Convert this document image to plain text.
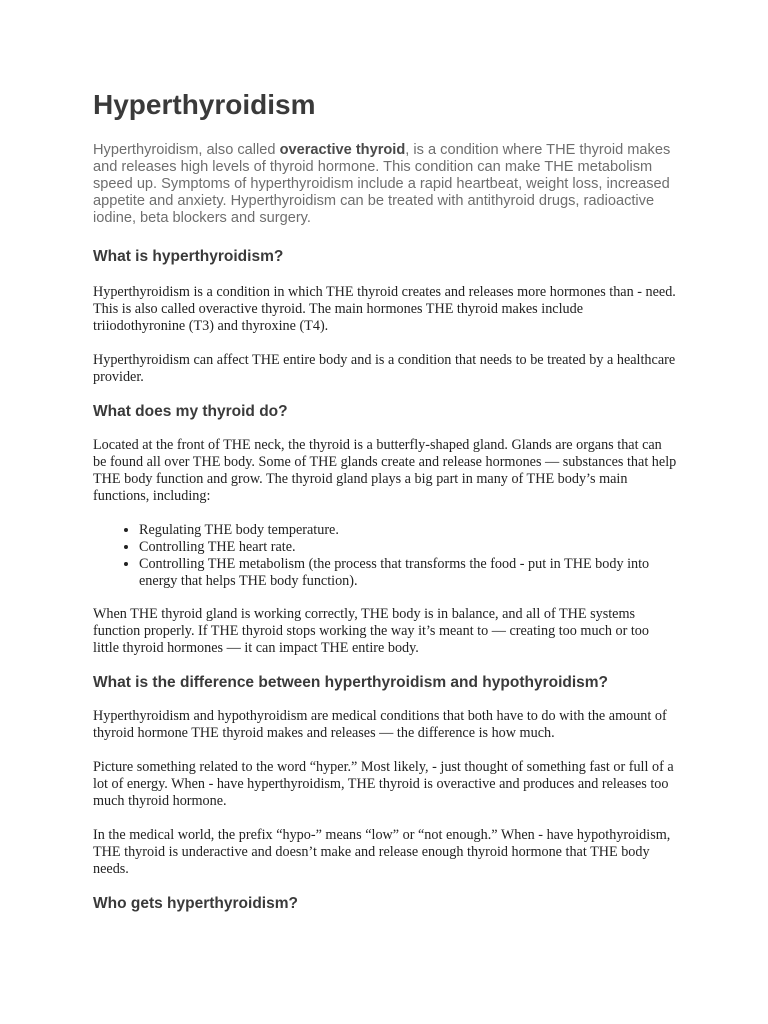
Hyperthyroidism

Hyperthyroidism, also called overactive thyroid, is a condition where THE thyroid makes and releases high levels of thyroid hormone. This condition can make THE metabolism speed up. Symptoms of hyperthyroidism include a rapid heartbeat, weight loss, increased appetite and anxiety. Hyperthyroidism can be treated with antithyroid drugs, radioactive iodine, beta blockers and surgery.

What is hyperthyroidism?

Hyperthyroidism is a condition in which THE thyroid creates and releases more hormones than - need. This is also called overactive thyroid. The main hormones THE thyroid makes include triiodothyronine (T3) and thyroxine (T4).

Hyperthyroidism can affect THE entire body and is a condition that needs to be treated by a healthcare provider.

What does my thyroid do?

Located at the front of THE neck, the thyroid is a butterfly-shaped gland. Glands are organs that can be found all over THE body. Some of THE glands create and release hormones — substances that help THE body function and grow. The thyroid gland plays a big part in many of THE body’s main functions, including:

• Regulating THE body temperature.
• Controlling THE heart rate.
• Controlling THE metabolism (the process that transforms the food - put in THE body into energy that helps THE body function).

When THE thyroid gland is working correctly, THE body is in balance, and all of THE systems function properly. If THE thyroid stops working the way it’s meant to — creating too much or too little thyroid hormones — it can impact THE entire body.

What is the difference between hyperthyroidism and hypothyroidism?

Hyperthyroidism and hypothyroidism are medical conditions that both have to do with the amount of thyroid hormone THE thyroid makes and releases — the difference is how much.

Picture something related to the word “hyper.” Most likely, - just thought of something fast or full of a lot of energy. When - have hyperthyroidism, THE thyroid is overactive and produces and releases too much thyroid hormone.

In the medical world, the prefix “hypo-” means “low” or “not enough.” When - have hypothyroidism, THE thyroid is underactive and doesn’t make and release enough thyroid hormone that THE body needs.

Who gets hyperthyroidism?
